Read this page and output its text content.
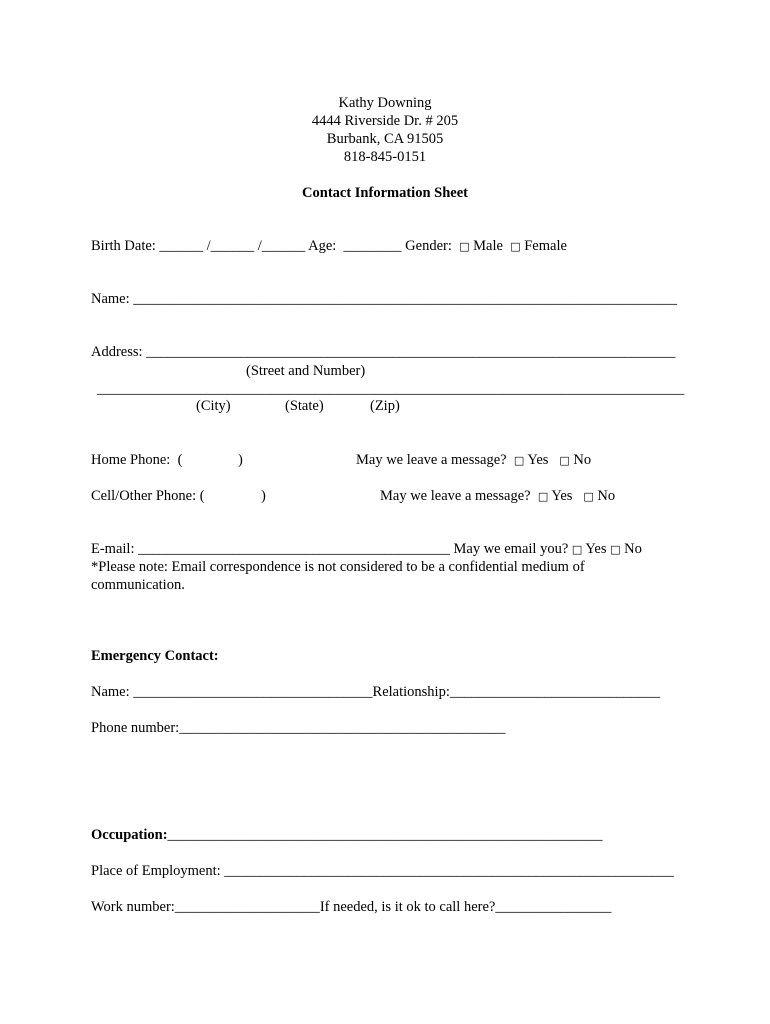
Kathy Downing
4444 Riverside Dr. # 205
Burbank, CA 91505
818-845-0151
Contact Information Sheet
Birth Date: ______ /______ /______ Age:  ________ Gender: □ Male □ Female
Name: ___________________________________________________________________________
Address: _________________________________________________________________________
(Street and Number)
_________________________________________________________________________________
(City)	(State)	(Zip)
Home Phone:  (	)	May we leave a message? □ Yes □ No
Cell/Other Phone: (	)	May we leave a message? □ Yes □ No
E-mail: ___________________________________________ May we email you? □ Yes □ No
*Please note: Email correspondence is not considered to be a confidential medium of
communication.
Emergency Contact:
Name: _________________________________Relationship:_____________________________
Phone number:_____________________________________________
Occupation:____________________________________________________________
Place of Employment: ______________________________________________________________
Work number:____________________If needed, is it ok to call here?________________
